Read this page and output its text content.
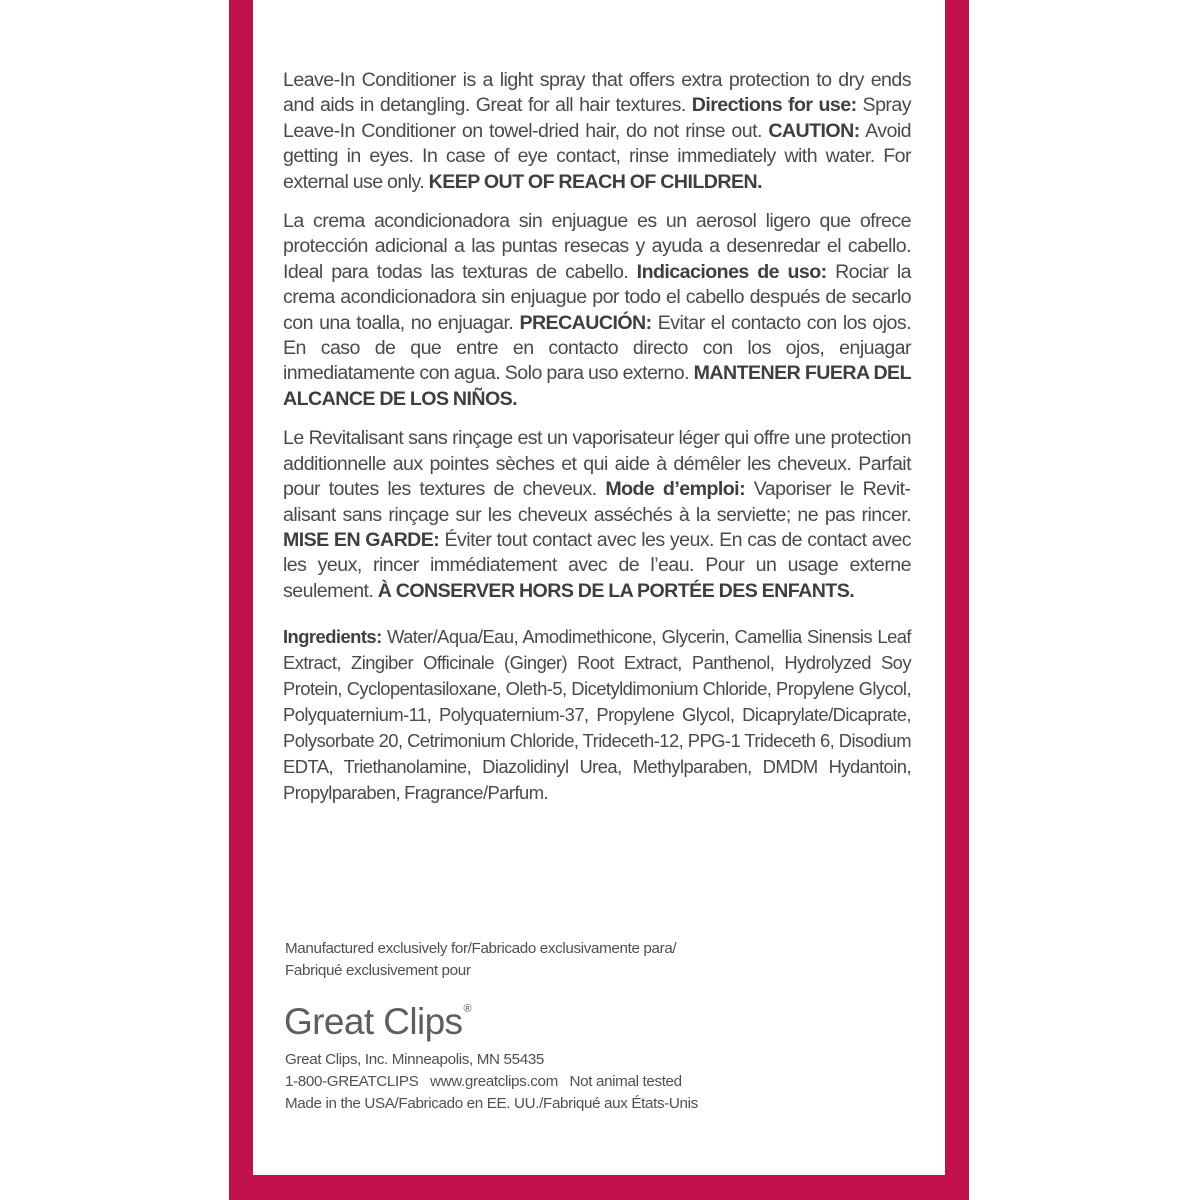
Leave-In Conditioner is a light spray that offers extra protection to dry ends and aids in detangling. Great for all hair textures. Directions for use: Spray Leave-In Conditioner on towel-dried hair, do not rinse out. CAUTION: Avoid getting in eyes. In case of eye contact, rinse immediately with water. For external use only. KEEP OUT OF REACH OF CHILDREN.

La crema acondicionadora sin enjuague es un aerosol ligero que ofrece protección adicional a las puntas resecas y ayuda a desenredar el cabello. Ideal para todas las texturas de cabello. Indicaciones de uso: Rociar la crema acondicionadora sin enjuague por todo el cabello después de secarlo con una toalla, no enjuagar. PRECAUCIÓN: Evitar el contacto con los ojos. En caso de que entre en contacto directo con los ojos, enjuagar inmediatamente con agua. Solo para uso externo. MANTENER FUERA DEL ALCANCE DE LOS NIÑOS.

Le Revitalisant sans rinçage est un vaporisateur léger qui offre une protection additionnelle aux pointes sèches et qui aide à démêler les cheveux. Parfait pour toutes les textures de cheveux. Mode d’emploi: Vaporiser le Revitalisant sans rinçage sur les cheveux asséchés à la serviette; ne pas rincer. MISE EN GARDE: Éviter tout contact avec les yeux. En cas de contact avec les yeux, rincer immédiatement avec de l’eau. Pour un usage externe seulement. À CONSERVER HORS DE LA PORTÉE DES ENFANTS.

Ingredients: Water/Aqua/Eau, Amodimethicone, Glycerin, Camellia Sinensis Leaf Extract, Zingiber Officinale (Ginger) Root Extract, Panthenol, Hydrolyzed Soy Protein, Cyclopentasiloxane, Oleth-5, Dicetyldimonium Chloride, Propylene Glycol, Polyquaternium-11, Polyquaternium-37, Propylene Glycol, Dicaprylate/Dicaprate, Polysorbate 20, Cetrimonium Chloride, Trideceth-12, PPG-1 Trideceth 6, Disodium EDTA, Triethanolamine, Diazolidinyl Urea, Methylparaben, DMDM Hydantoin, Propylparaben, Fragrance/Parfum.

Manufactured exclusively for/Fabricado exclusivamente para/
Fabriqué exclusivement pour
Great Clips®
Great Clips, Inc. Minneapolis, MN 55435
1-800-GREATCLIPS www.greatclips.com Not animal tested
Made in the USA/Fabricado en EE. UU./Fabriqué aux États-Unis
